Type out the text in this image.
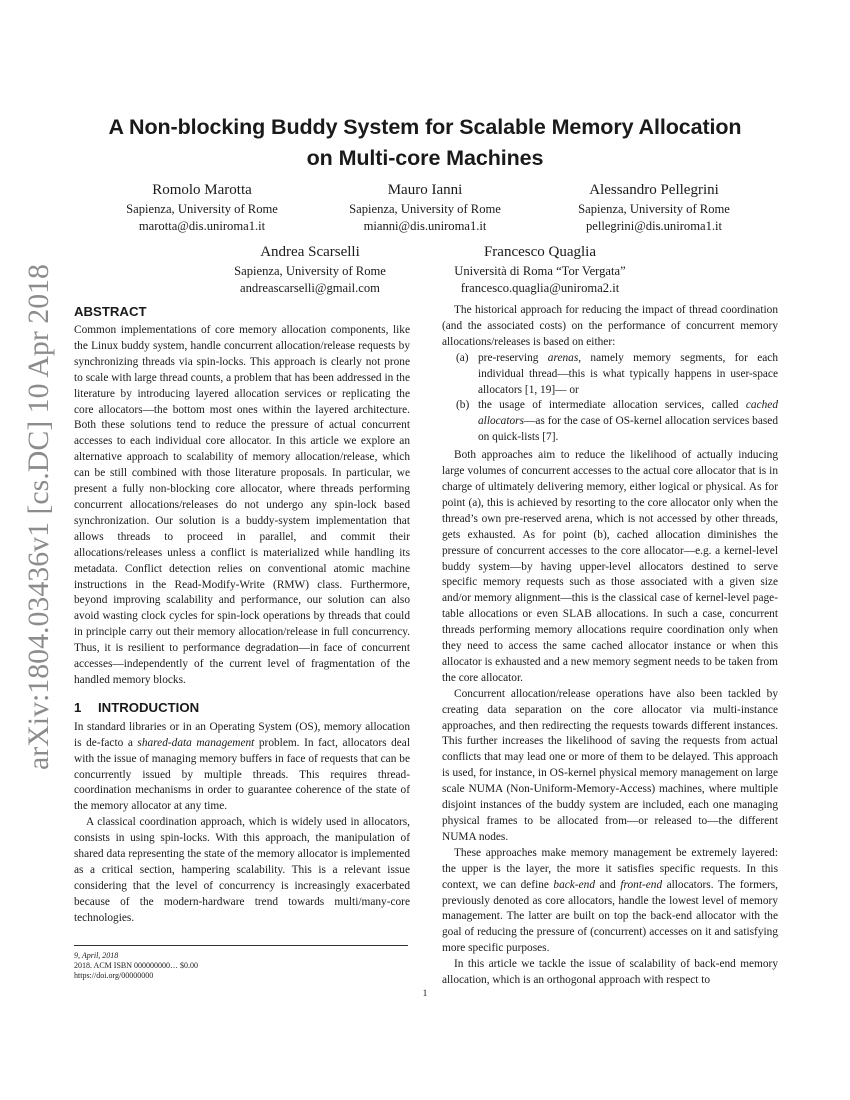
arXiv:1804.03436v1 [cs.DC] 10 Apr 2018
A Non-blocking Buddy System for Scalable Memory Allocation
on Multi-core Machines
Romolo Marotta
Sapienza, University of Rome
marotta@dis.uniroma1.it
Mauro Ianni
Sapienza, University of Rome
mianni@dis.uniroma1.it
Alessandro Pellegrini
Sapienza, University of Rome
pellegrini@dis.uniroma1.it
Andrea Scarselli
Sapienza, University of Rome
andreascarselli@gmail.com
Francesco Quaglia
Università di Roma “Tor Vergata”
francesco.quaglia@uniroma2.it
ABSTRACT

Common implementations of core memory allocation components, like the Linux buddy system, handle concurrent allocation/release requests by synchronizing threads via spin-locks. This approach is clearly not prone to scale with large thread counts, a problem that has been addressed in the literature by introducing layered allocation services or replicating the core allocators—the bottom most ones within the layered architecture. Both these solutions tend to reduce the pressure of actual concurrent accesses to each individual core allocator. In this article we explore an alternative approach to scalability of memory allocation/release, which can be still combined with those literature proposals. In particular, we present a fully non-blocking core allocator, where threads performing concurrent allocations/releases do not undergo any spin-lock based synchronization. Our solution is a buddy-system implementation that allows threads to proceed in parallel, and commit their allocations/releases unless a conflict is materialized while handling its metadata. Conflict detection relies on conventional atomic machine instructions in the Read-Modify-Write (RMW) class. Furthermore, beyond improving scalability and performance, our solution can also avoid wasting clock cycles for spin-lock operations by threads that could in principle carry out their memory allocation/release in full concurrency. Thus, it is resilient to performance degradation—in face of concurrent accesses—independently of the current level of fragmentation of the handled memory blocks.

1 INTRODUCTION

In standard libraries or in an Operating System (OS), memory allocation is de-facto a shared-data management problem. In fact, allocators deal with the issue of managing memory buffers in face of requests that can be concurrently issued by multiple threads. This requires thread-coordination mechanisms in order to guarantee coherence of the state of the memory allocator at any time.

A classical coordination approach, which is widely used in allocators, consists in using spin-locks. With this approach, the manipulation of shared data representing the state of the memory allocator is implemented as a critical section, hampering scalability. This is a relevant issue considering that the level of concurrency is increasingly exacerbated because of the modern-hardware trend towards multi/many-core technologies.

The historical approach for reducing the impact of thread coordination (and the associated costs) on the performance of concurrent memory allocations/releases is based on either:

(a) pre-reserving arenas, namely memory segments, for each individual thread—this is what typically happens in user-space allocators [1, 19]— or
(b) the usage of intermediate allocation services, called cached allocators—as for the case of OS-kernel allocation services based on quick-lists [7].

Both approaches aim to reduce the likelihood of actually inducing large volumes of concurrent accesses to the actual core allocator that is in charge of ultimately delivering memory, either logical or physical. As for point (a), this is achieved by resorting to the core allocator only when the thread’s own pre-reserved arena, which is not accessed by other threads, gets exhausted. As for point (b), cached allocation diminishes the pressure of concurrent accesses to the core allocator—e.g. a kernel-level buddy system—by having upper-level allocators destined to serve specific memory requests such as those associated with a given size and/or memory alignment—this is the classical case of kernel-level page-table allocations or even SLAB allocations. In such a case, concurrent threads performing memory allocations require coordination only when they need to access the same cached allocator instance or when this allocator is exhausted and a new memory segment needs to be taken from the core allocator.

Concurrent allocation/release operations have also been tackled by creating data separation on the core allocator via multi-instance approaches, and then redirecting the requests towards different instances. This further increases the likelihood of saving the requests from actual conflicts that may lead one or more of them to be delayed. This approach is used, for instance, in OS-kernel physical memory management on large scale NUMA (Non-Uniform-Memory-Access) machines, where multiple disjoint instances of the buddy system are included, each one managing physical frames to be allocated from—or released to—the different NUMA nodes.

These approaches make memory management be extremely layered: the upper is the layer, the more it satisfies specific requests. In this context, we can define back-end and front-end allocators. The formers, previously denoted as core allocators, handle the lowest level of memory management. The latter are built on top the back-end allocator with the goal of reducing the pressure of (concurrent) accesses on it and satisfying more specific purposes.

In this article we tackle the issue of scalability of back-end memory allocation, which is an orthogonal approach with respect to

9, April, 2018
2018. ACM ISBN 000000000… $0.00
https://doi.org/00000000
1
